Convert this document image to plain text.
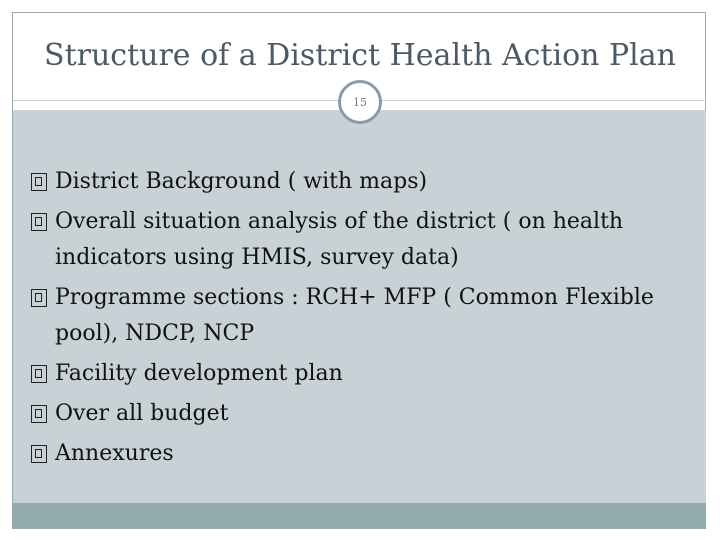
Structure of a District Health Action Plan
15
District Background ( with maps)
Overall situation analysis of the district ( on health indicators using HMIS, survey data)
Programme sections : RCH+ MFP ( Common Flexible pool), NDCP, NCP
Facility development plan
Over all budget
Annexures
